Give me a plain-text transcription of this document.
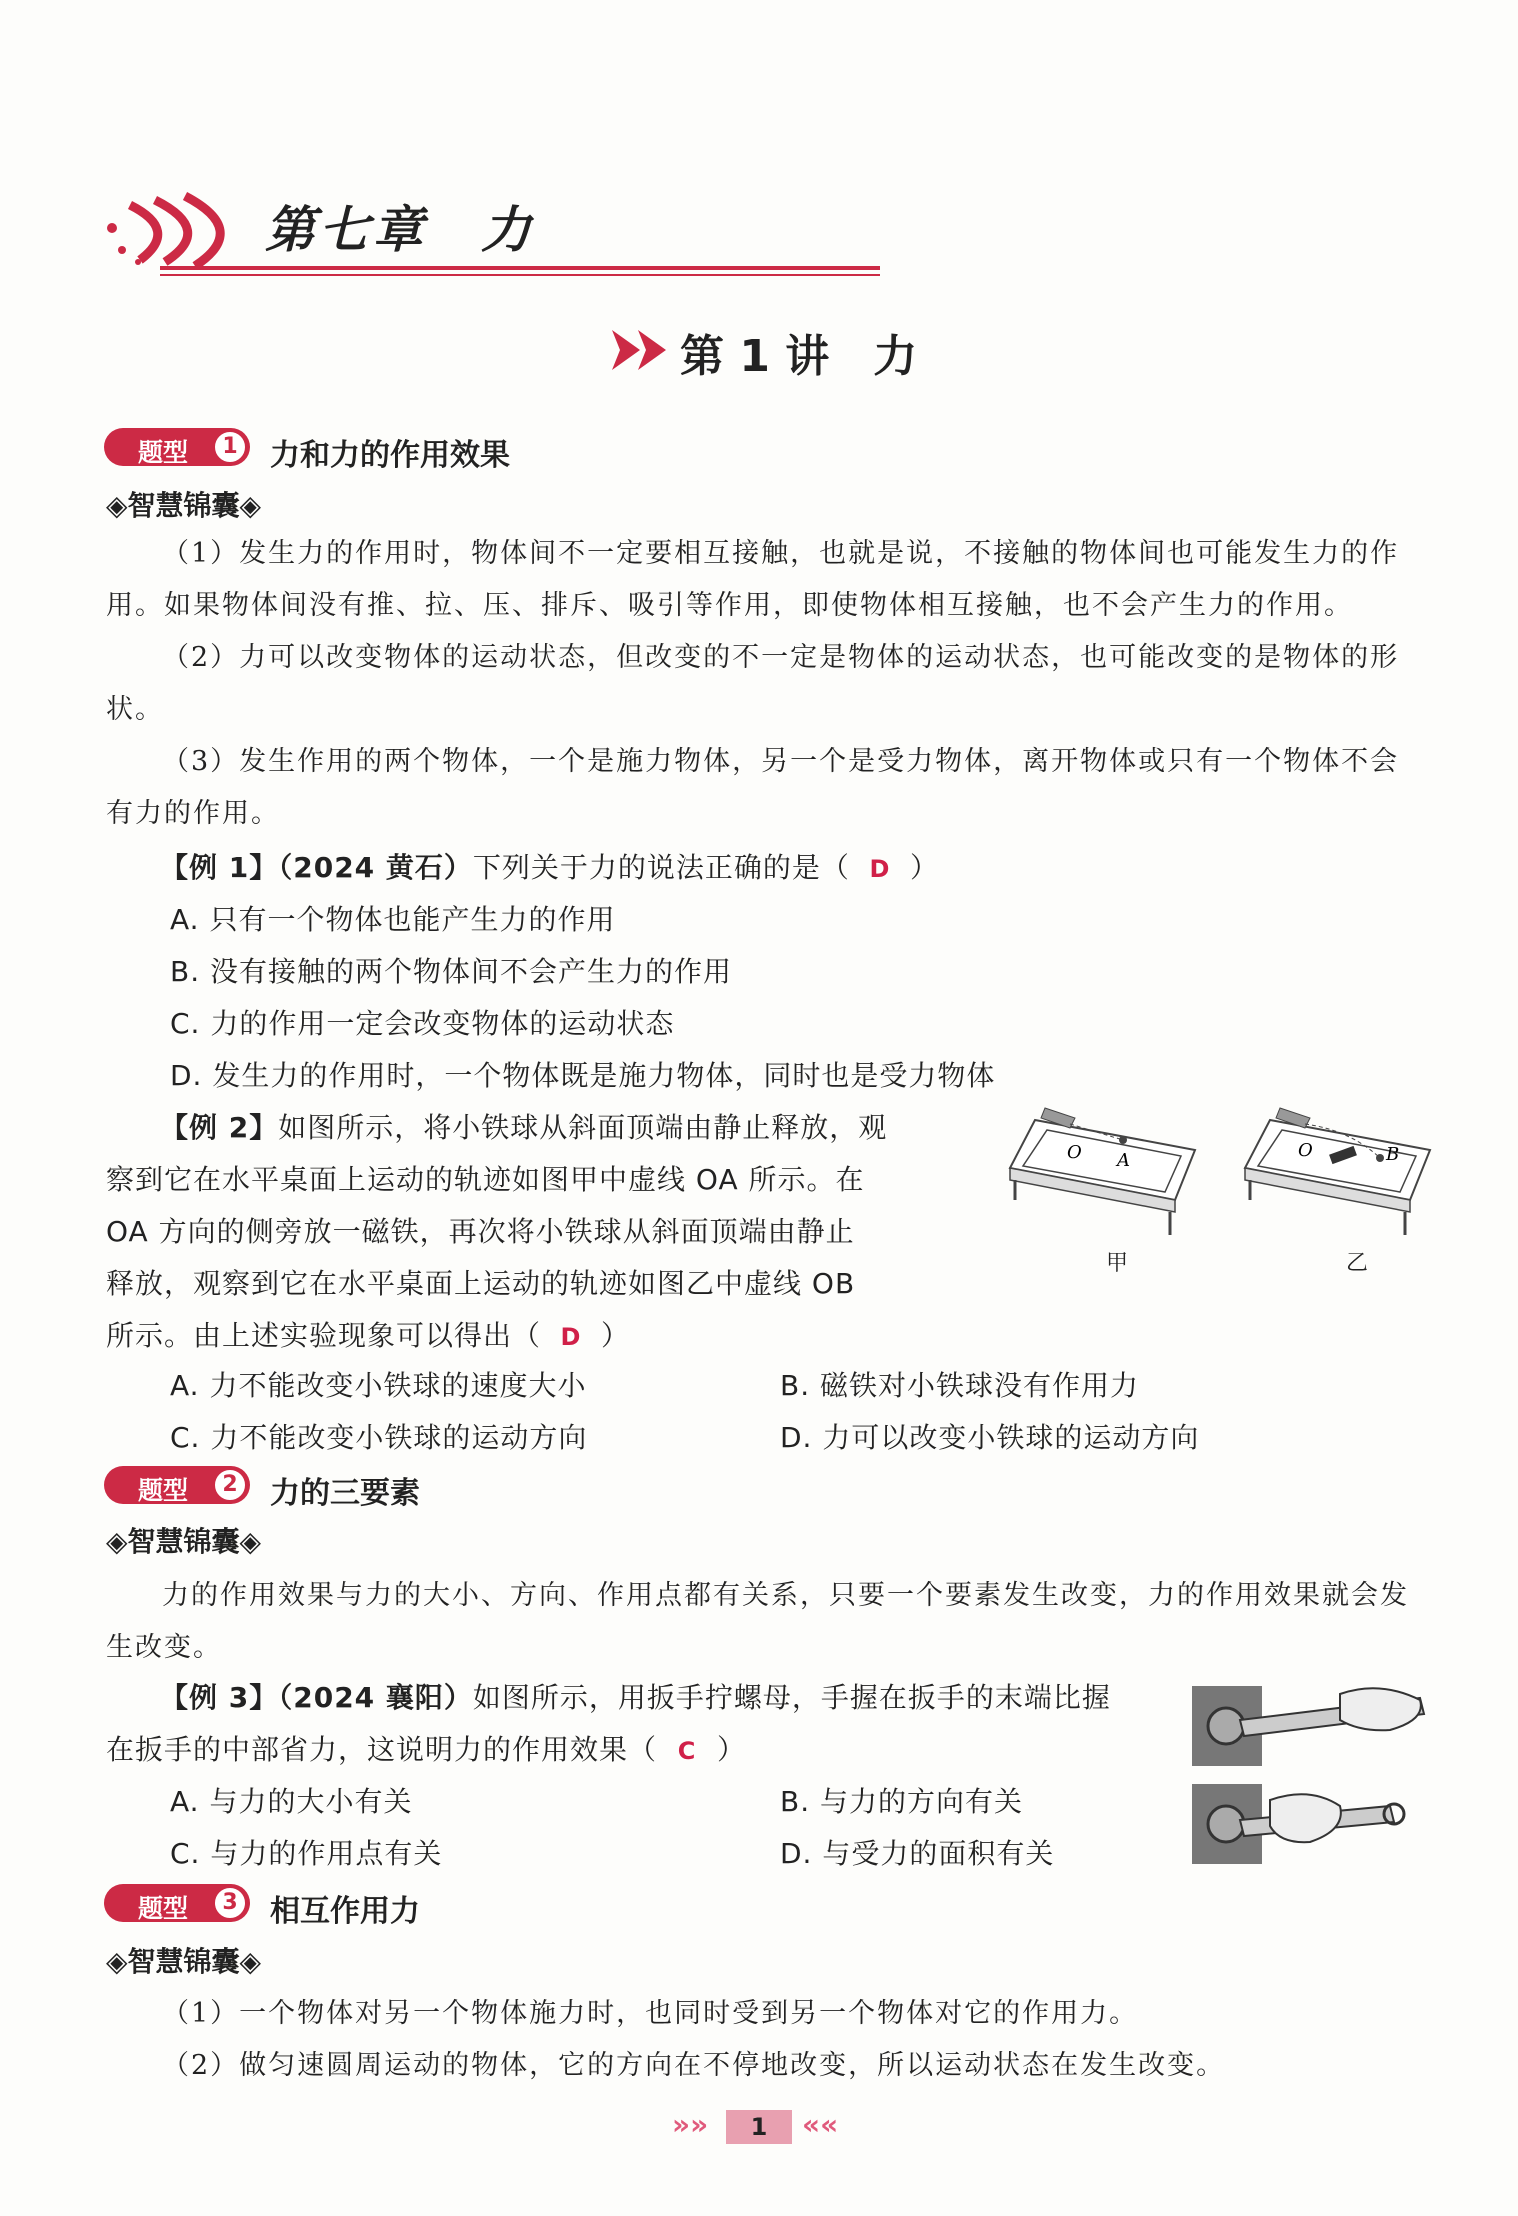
第七章　力
第 1 讲　力
题型	1 力和力的作用效果
◈智慧锦囊◈
（1）发生力的作用时，物体间不一定要相互接触，也就是说，不接触的物体间也可能发生力的作用。如果物体间没有推、拉、压、排斥、吸引等作用，即使物体相互接触，也不会产生力的作用。
（2）力可以改变物体的运动状态，但改变的不一定是物体的运动状态，也可能改变的是物体的形状。
（3）发生作用的两个物体，一个是施力物体，另一个是受力物体，离开物体或只有一个物体不会有力的作用。
【例 1】（2024 黄石）下列关于力的说法正确的是（ D ）
A. 只有一个物体也能产生力的作用
B. 没有接触的两个物体间不会产生力的作用
C. 力的作用一定会改变物体的运动状态
D. 发生力的作用时，一个物体既是施力物体，同时也是受力物体
【例 2】如图所示，将小铁球从斜面顶端由静止释放，观
察到它在水平桌面上运动的轨迹如图甲中虚线 OA 所示。在
OA 方向的侧旁放一磁铁，再次将小铁球从斜面顶端由静止
释放，观察到它在水平桌面上运动的轨迹如图乙中虚线 OB
所示。由上述实验现象可以得出（ D ）
O A
甲
O	B
乙
A. 力不能改变小铁球的速度大小	B. 磁铁对小铁球没有作用力
C. 力不能改变小铁球的运动方向	D. 力可以改变小铁球的运动方向
题型	2 力的三要素
◈智慧锦囊◈
力的作用效果与力的大小、方向、作用点都有关系，只要一个要素发生改变，力的作用效果就会发生改变。
【例 3】（2024 襄阳）如图所示，用扳手拧螺母，手握在扳手的末端比握
在扳手的中部省力，这说明力的作用效果（ C ）
A. 与力的大小有关	B. 与力的方向有关
C. 与力的作用点有关	D. 与受力的面积有关
题型	3 相互作用力
◈智慧锦囊◈
（1）一个物体对另一个物体施力时，也同时受到另一个物体对它的作用力。
（2）做匀速圆周运动的物体，它的方向在不停地改变，所以运动状态在发生改变。
»»	1	««
